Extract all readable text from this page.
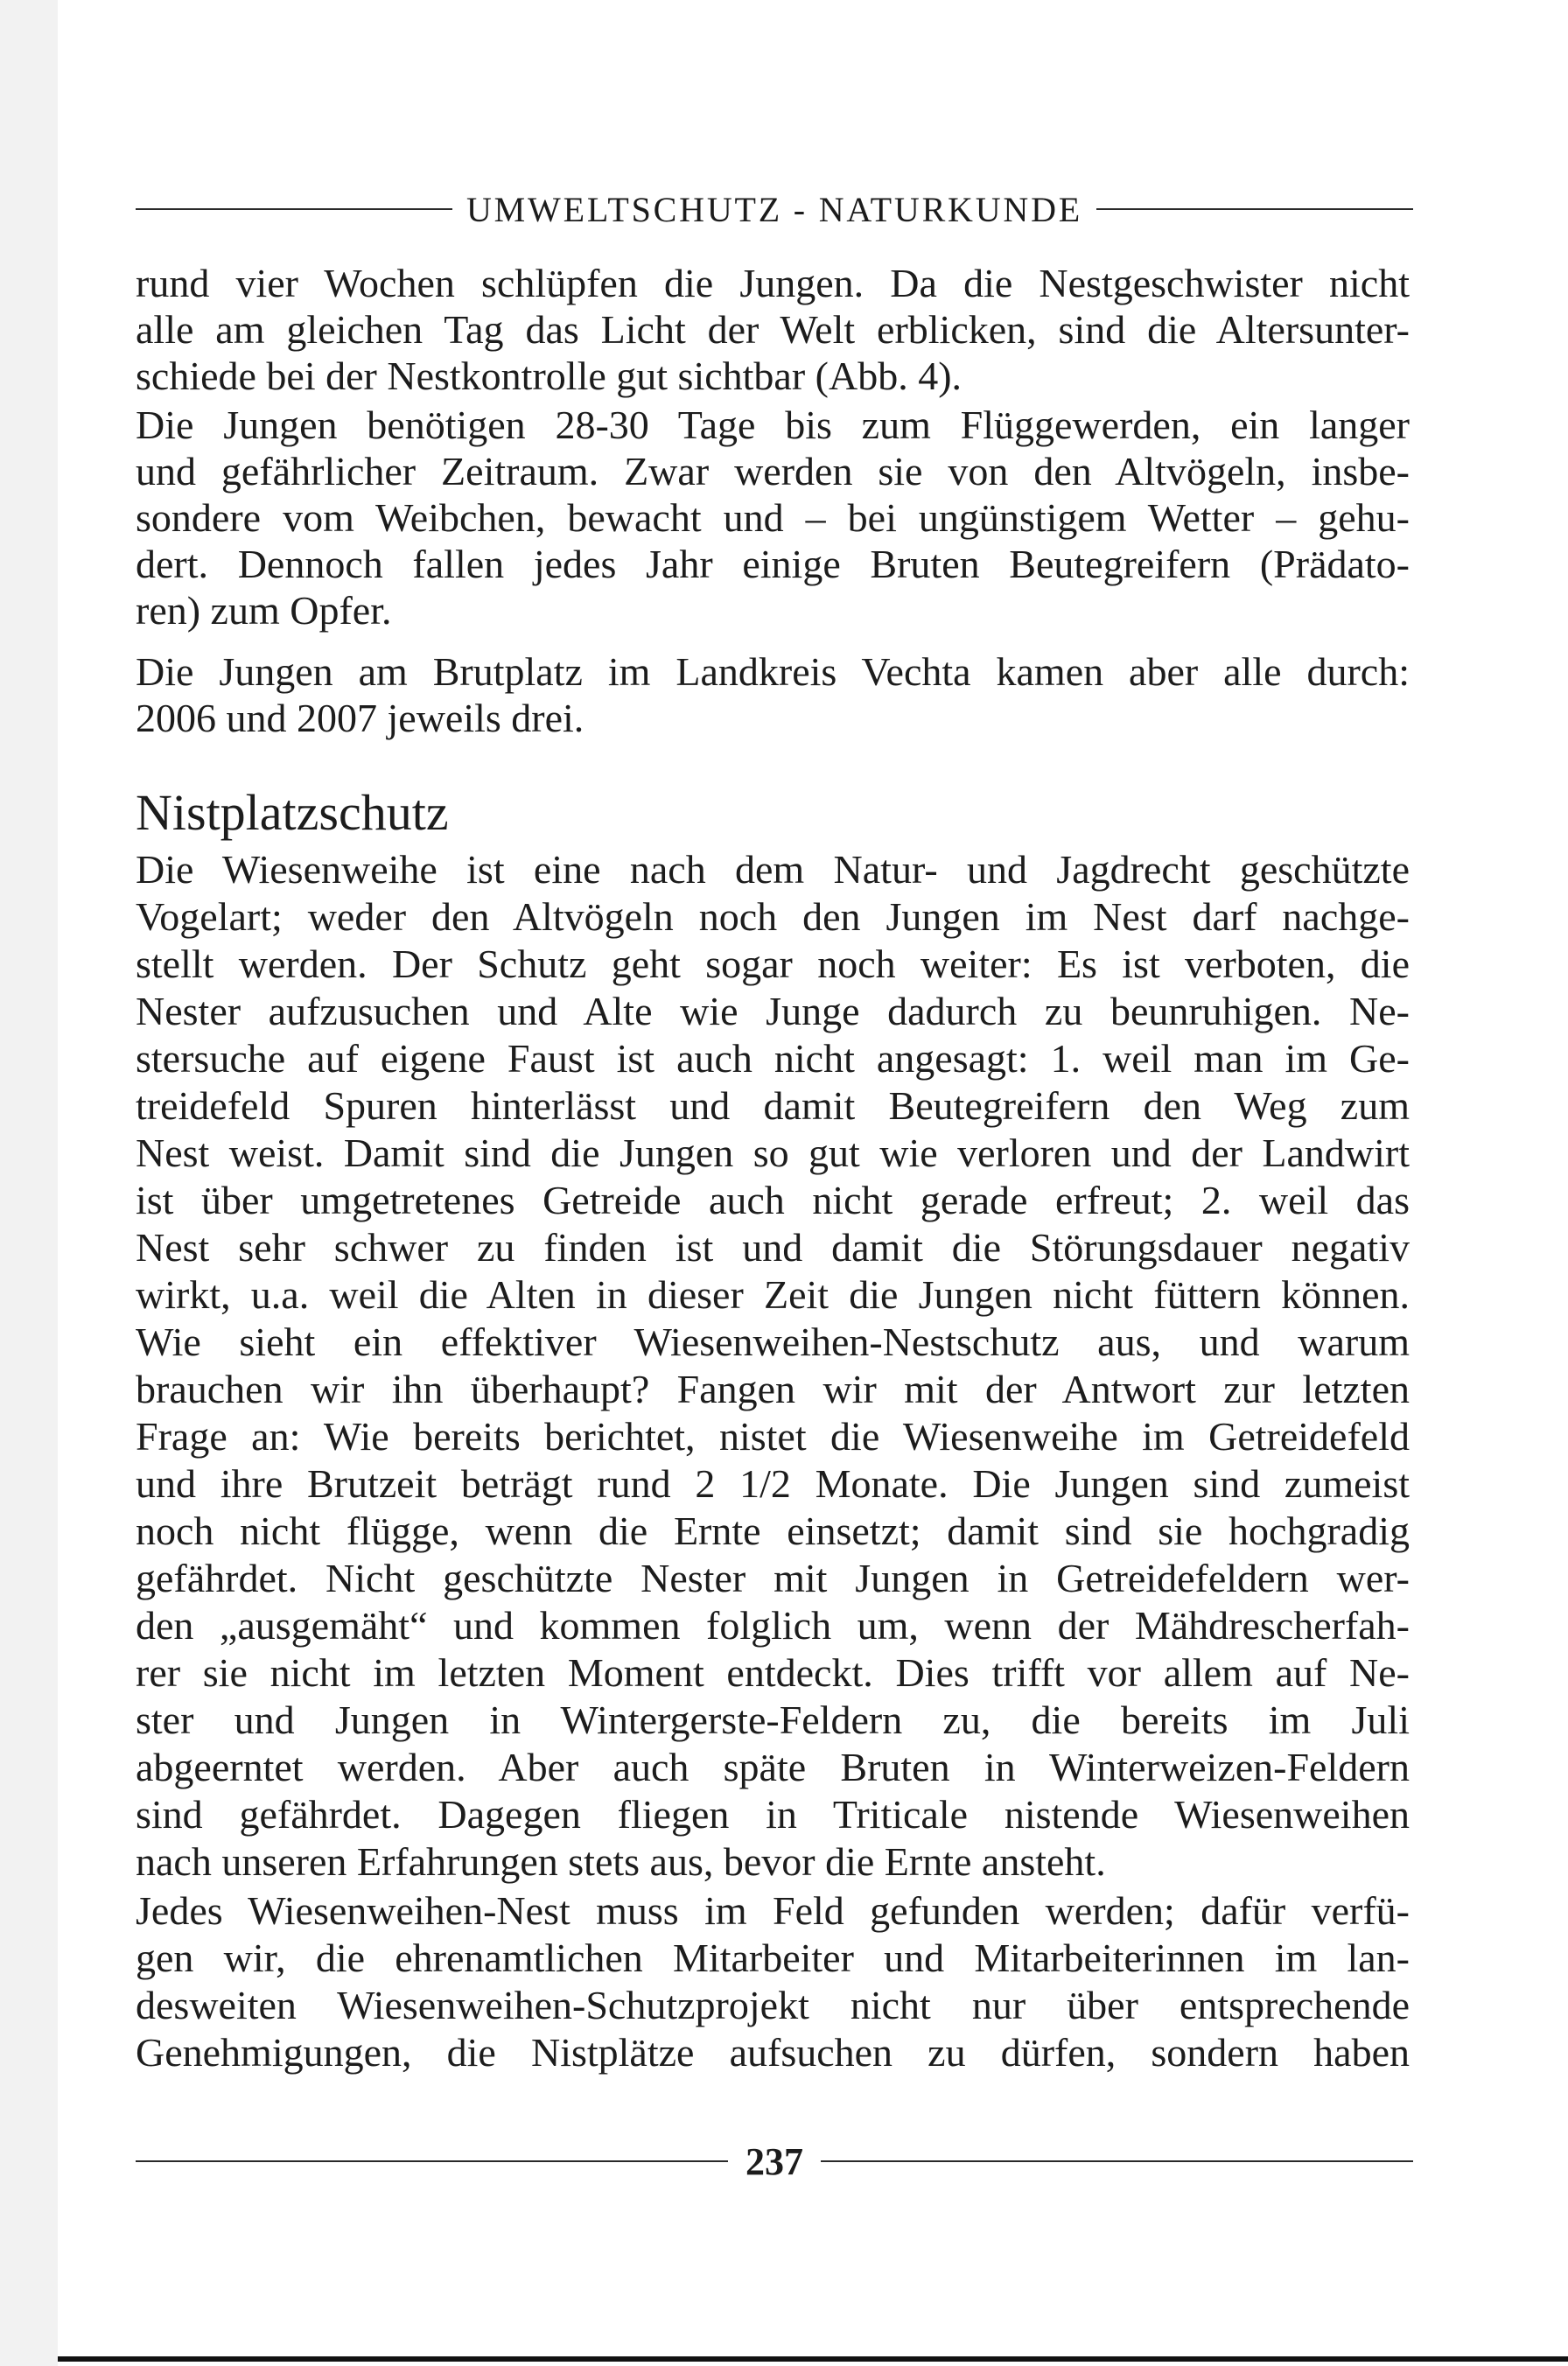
UMWELTSCHUTZ - NATURKUNDE
rund vier Wochen schlüpfen die Jungen. Da die Nestgeschwister nicht
alle am gleichen Tag das Licht der Welt erblicken, sind die Altersunter-
schiede bei der Nestkontrolle gut sichtbar (Abb. 4).
Die Jungen benötigen 28-30 Tage bis zum Flüggewerden, ein langer
und gefährlicher Zeitraum. Zwar werden sie von den Altvögeln, insbe-
sondere vom Weibchen, bewacht und – bei ungünstigem Wetter – gehu-
dert. Dennoch fallen jedes Jahr einige Bruten Beutegreifern (Prädato-
ren) zum Opfer.
Die Jungen am Brutplatz im Landkreis Vechta kamen aber alle durch:
2006 und 2007 jeweils drei.
Nistplatzschutz
Die Wiesenweihe ist eine nach dem Natur- und Jagdrecht geschützte
Vogelart; weder den Altvögeln noch den Jungen im Nest darf nachge-
stellt werden. Der Schutz geht sogar noch weiter: Es ist verboten, die
Nester aufzusuchen und Alte wie Junge dadurch zu beunruhigen. Ne-
stersuche auf eigene Faust ist auch nicht angesagt: 1. weil man im Ge-
treidefeld Spuren hinterlässt und damit Beutegreifern den Weg zum
Nest weist. Damit sind die Jungen so gut wie verloren und der Landwirt
ist über umgetretenes Getreide auch nicht gerade erfreut; 2. weil das
Nest sehr schwer zu finden ist und damit die Störungsdauer negativ
wirkt, u.a. weil die Alten in dieser Zeit die Jungen nicht füttern können.
Wie sieht ein effektiver Wiesenweihen-Nestschutz aus, und warum
brauchen wir ihn überhaupt? Fangen wir mit der Antwort zur letzten
Frage an: Wie bereits berichtet, nistet die Wiesenweihe im Getreidefeld
und ihre Brutzeit beträgt rund 2 1/2 Monate. Die Jungen sind zumeist
noch nicht flügge, wenn die Ernte einsetzt; damit sind sie hochgradig
gefährdet. Nicht geschützte Nester mit Jungen in Getreidefeldern wer-
den „ausgemäht“ und kommen folglich um, wenn der Mähdrescherfah-
rer sie nicht im letzten Moment entdeckt. Dies trifft vor allem auf Ne-
ster und Jungen in Wintergerste-Feldern zu, die bereits im Juli
abgeerntet werden. Aber auch späte Bruten in Winterweizen-Feldern
sind gefährdet. Dagegen fliegen in Triticale nistende Wiesenweihen
nach unseren Erfahrungen stets aus, bevor die Ernte ansteht.
Jedes Wiesenweihen-Nest muss im Feld gefunden werden; dafür verfü-
gen wir, die ehrenamtlichen Mitarbeiter und Mitarbeiterinnen im lan-
desweiten Wiesenweihen-Schutzprojekt nicht nur über entsprechende
Genehmigungen, die Nistplätze aufsuchen zu dürfen, sondern haben
237
